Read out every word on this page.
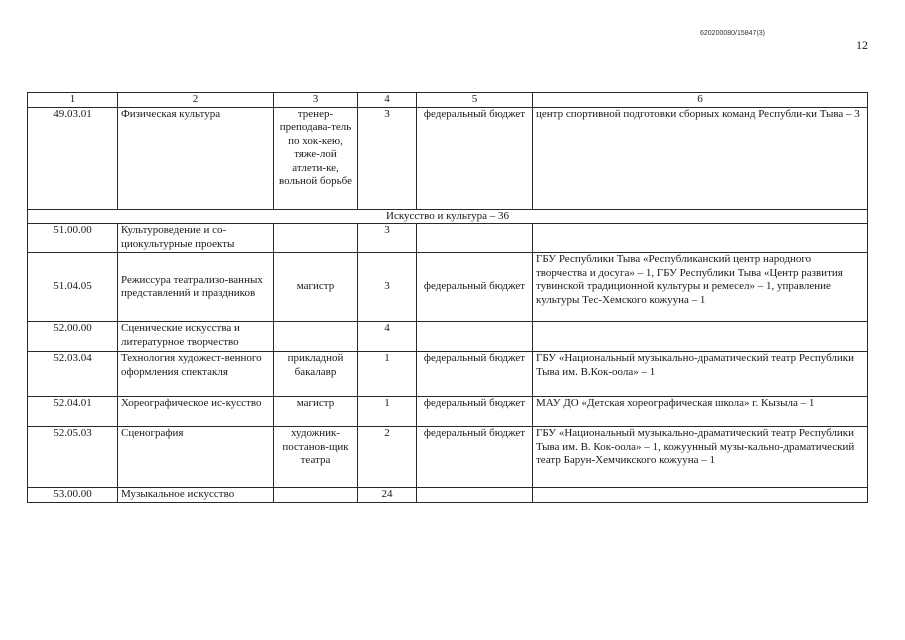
620200080/15847(3)
12
1	2	3	4	5	6
49.03.01	Физическая культура	тренер-преподава-тель по хок-кею, тяже-лой атлети-ке, вольной борьбе	3	федеральный бюджет	центр спортивной подготовки сборных команд Республи-ки Тыва – 3
Искусство и культура – 36					
51.00.00	Культуроведение и со-циокультурные проекты		3		
51.04.05	Режиссура театрализо-ванных представлений и праздников	магистр	3	федеральный бюджет	ГБУ Республики Тыва «Республиканский центр народного творчества и досуга» – 1, ГБУ Республики Тыва «Центр развития тувинской традиционной культуры и ремесел» – 1, управление культуры Тес-Хемского кожууна – 1
52.00.00	Сценические искусства и литературное творчество		4		
52.03.04	Технология художест-венного оформления спектакля	прикладной бакалавр	1	федеральный бюджет	ГБУ «Национальный музыкально-драматический театр Республики Тыва им. В.Кок-оола» – 1
52.04.01	Хореографическое ис-кусство	магистр	1	федеральный бюджет	МАУ ДО «Детская хореографическая школа» г. Кызыла – 1
52.05.03	Сценография	художник-постанов-щик театра	2	федеральный бюджет	ГБУ «Национальный музыкально-драматический театр Республики Тыва им. В. Кок-оола» – 1, кожуунный музы-кально-драматический театр Барун-Хемчикского кожууна – 1
53.00.00	Музыкальное искусство		24		
